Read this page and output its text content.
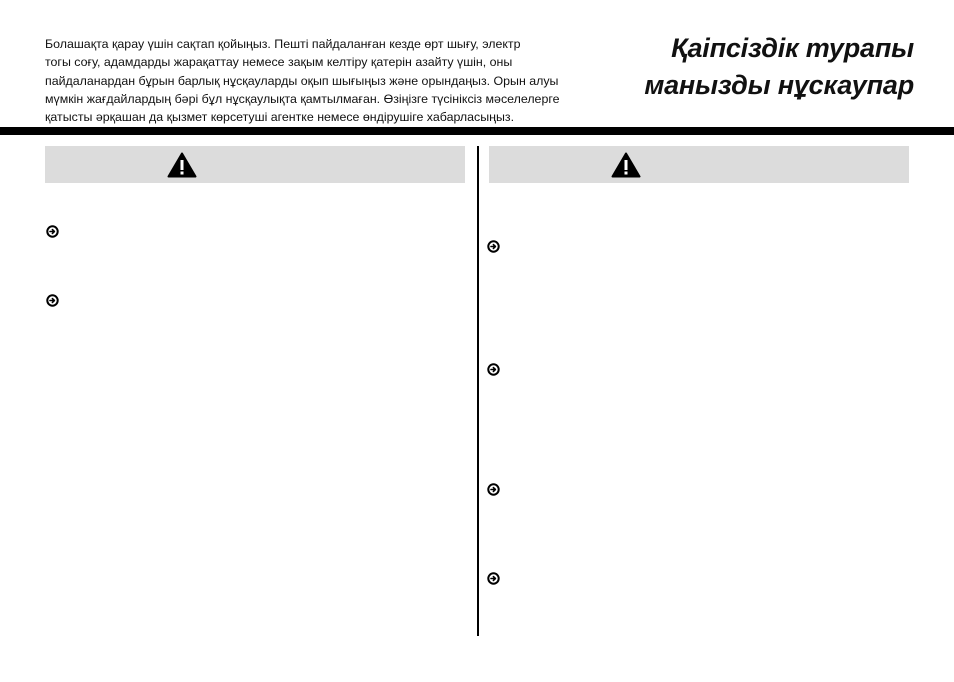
Болашақта қарау үшін сақтап қойыңыз. Пешті пайдаланған кезде өрт шығу, электр
тогы соғу, адамдарды жарақаттау немесе зақым келтіру қатерін азайту үшін, оны
пайдаланардан бұрын барлық нұсқауларды оқып шығыңыз және орындаңыз. Орын алуы
мүмкін жағдайлардың бәрі бұл нұсқаулықта қамтылмаған. Өзіңізге түсініксіз мәселелерге
қатысты әрқашан да қызмет көрсетуші агентке немесе өндірушіге хабарласыңыз.
Қаіпсіздік турапы
манызды нұскаупар
